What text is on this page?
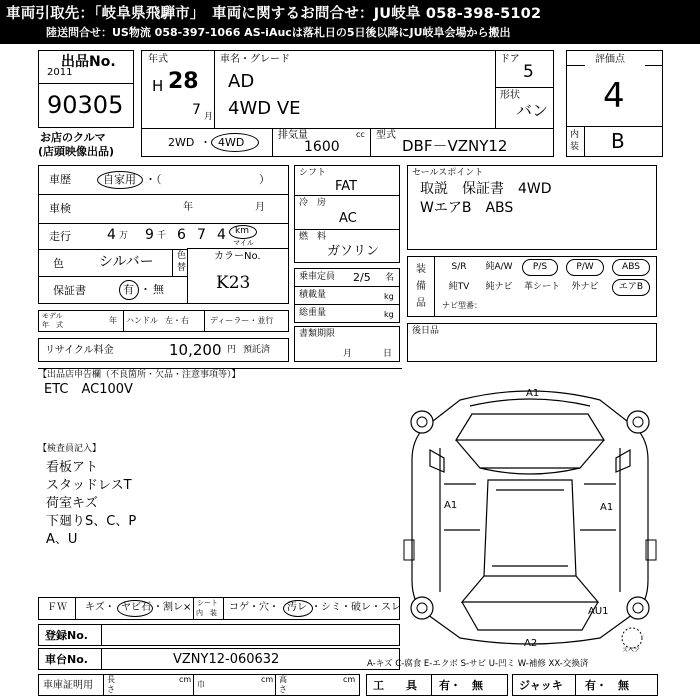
車両引取先：「岐阜県飛騨市」　車両に関するお問合せ：JU岐阜 058-398-5102
陸送問合せ：US物流 058-397-1066 AS-iAucは落札日の5日後以降にJU岐阜会場から搬出
出品No.
2011
90305
お店のクルマ
(店頭映像出品)
年式
H 28
7 月
車名・グレード
AD
4WD VE
ドア
5
形状
バン
2WD ・ 4WD
排気量
1600
cc 型式
DBF－VZNY12
評価点
4
内
装 B
車歴	自家用 ・（	）
車検	年	月
走行	4 万 9 千 6 7 4 km
マイル
色	シルバー	色
替
保証書	有 ・ 無
カラーNo.
K23
モデル
年　式	年 ハンドル 左・右	ディーラー・並行
リサイクル料金	10,200 円 預託済
シフト
FAT
冷　房
AC
燃　料
ガソリン
乗車定員 2/5 名
積載量	kg
総重量	kg
書類期限
月	日
セールスポイント
取説　保証書　4WD
WエアB　ABS
装
備
品
S/R	純A/W	P/S	P/W	ABS
純TV	純ナビ	革シート	外ナビ	エアB
ナビ型番：
後日品
【出品店申告欄（不良箇所・欠品・注意事項等）】
ETC　AC100V
【検査員記入】
看板アト
スタッドレスT
荷室キズ
下廻りS、C、P
A、U
A1
A1	A1
A2
AU1
スペア
ＦＷ キズ・ ヤビ石 ・割レ× シート
内　装 コゲ・穴・ 汚レ ・シミ・破レ・スレ
登録No.
車台No.	VZNY12-060632	A-キズ C-腐食 E-エクボ S-サビ U-凹ミ W-補修 XX-交換済
車庫証明用
長
さ
cm
巾
cm 高
さ
cm 工　　具 有・　無	ジャッキ 有・　無
